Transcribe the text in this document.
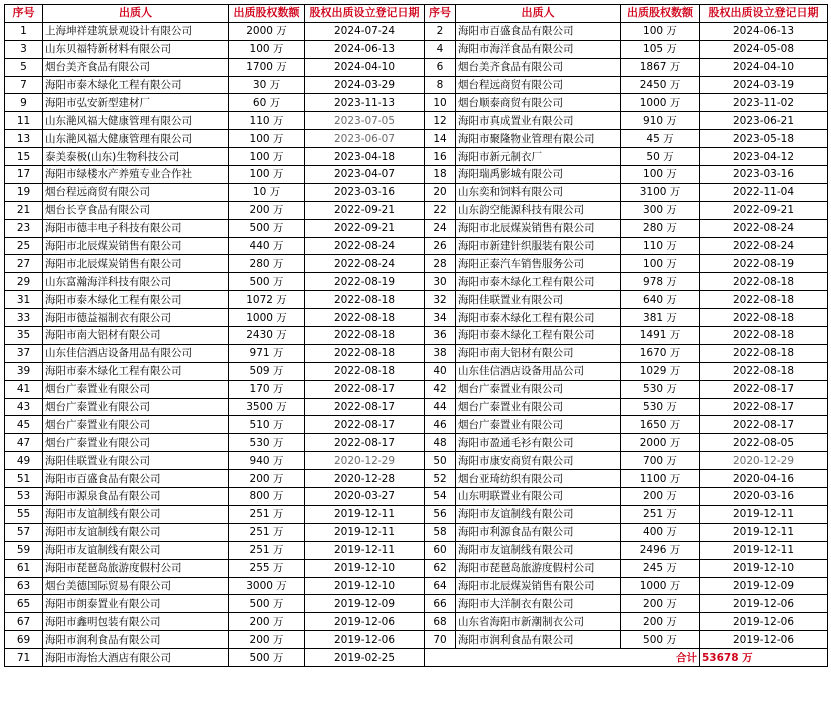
序号	出质人	出质股权数额	股权出质设立登记日期	序号	出质人	出质股权数额	股权出质设立登记日期
1	上海坤祥建筑景观设计有限公司	2000 万	2024-07-24	2	海阳市百盛食品有限公司	100 万	2024-06-13
3	山东贝福特新材料有限公司	100 万	2024-06-13	4	海阳市海洋食品有限公司	105 万	2024-05-08
5	烟台美齐食品有限公司	1700 万	2024-04-10	6	烟台美齐食品有限公司	1867 万	2024-04-10
7	海阳市泰木绿化工程有限公司	30 万	2024-03-29	8	烟台程远商贸有限公司	2450 万	2024-03-19
9	海阳市弘安新型建材厂	60 万	2023-11-13	10	烟台顺泰商贸有限公司	1000 万	2023-11-02
11	山东滟风福大健康管理有限公司	110 万	2023-07-05	12	海阳市真成置业有限公司	910 万	2023-06-21
13	山东滟风福大健康管理有限公司	100 万	2023-06-07	14	海阳市聚隆物业管理有限公司	45 万	2023-05-18
15	泰美泰极(山东)生物科技公司	100 万	2023-04-18	16	海阳市新元制衣厂	50 万	2023-04-12
17	海阳市绿楼水产养殖专业合作社	100 万	2023-04-07	18	海阳瑞禹影城有限公司	100 万	2023-03-16
19	烟台程远商贸有限公司	10 万	2023-03-16	20	山东奕和饲料有限公司	3100 万	2022-11-04
21	烟台长亨食品有限公司	200 万	2022-09-21	22	山东韵空能源科技有限公司	300 万	2022-09-21
23	海阳市德丰电子科技有限公司	500 万	2022-09-21	24	海阳市北辰煤炭销售有限公司	280 万	2022-08-24
25	海阳市北辰煤炭销售有限公司	440 万	2022-08-24	26	海阳市新建针织服装有限公司	110 万	2022-08-24
27	海阳市北辰煤炭销售有限公司	280 万	2022-08-24	28	海阳正泰汽车销售服务公司	100 万	2022-08-19
29	山东富瀚海洋科技有限公司	500 万	2022-08-19	30	海阳市泰木绿化工程有限公司	978 万	2022-08-18
31	海阳市泰木绿化工程有限公司	1072 万	2022-08-18	32	海阳佳联置业有限公司	640 万	2022-08-18
33	海阳市德益福制衣有限公司	1000 万	2022-08-18	34	海阳市泰木绿化工程有限公司	381 万	2022-08-18
35	海阳市南大铝材有限公司	2430 万	2022-08-18	36	海阳市泰木绿化工程有限公司	1491 万	2022-08-18
37	山东佳信酒店设备用品有限公司	971 万	2022-08-18	38	海阳市南大铝材有限公司	1670 万	2022-08-18
39	海阳市泰木绿化工程有限公司	509 万	2022-08-18	40	山东佳信酒店设备用品公司	1029 万	2022-08-18
41	烟台广泰置业有限公司	170 万	2022-08-17	42	烟台广泰置业有限公司	530 万	2022-08-17
43	烟台广泰置业有限公司	3500 万	2022-08-17	44	烟台广泰置业有限公司	530 万	2022-08-17
45	烟台广泰置业有限公司	510 万	2022-08-17	46	烟台广泰置业有限公司	1650 万	2022-08-17
47	烟台广泰置业有限公司	530 万	2022-08-17	48	海阳市盈通毛衫有限公司	2000 万	2022-08-05
49	海阳佳联置业有限公司	940 万	2020-12-29	50	海阳市康安商贸有限公司	700 万	2020-12-29
51	海阳市百盛食品有限公司	200 万	2020-12-28	52	烟台亚琦纺织有限公司	1100 万	2020-04-16
53	海阳市源泉食品有限公司	800 万	2020-03-27	54	山东明联置业有限公司	200 万	2020-03-16
55	海阳市友谊制线有限公司	251 万	2019-12-11	56	海阳市友谊制线有限公司	251 万	2019-12-11
57	海阳市友谊制线有限公司	251 万	2019-12-11	58	海阳市利源食品有限公司	400 万	2019-12-11
59	海阳市友谊制线有限公司	251 万	2019-12-11	60	海阳市友谊制线有限公司	2496 万	2019-12-11
61	海阳市琵琶岛旅游度假村公司	255 万	2019-12-10	62	海阳市琵琶岛旅游度假村公司	245 万	2019-12-10
63	烟台美德国际贸易有限公司	3000 万	2019-12-10	64	海阳市北辰煤炭销售有限公司	1000 万	2019-12-09
65	海阳市朗泰置业有限公司	500 万	2019-12-09	66	海阳市大洋制衣有限公司	200 万	2019-12-06
67	海阳市鑫明包装有限公司	200 万	2019-12-06	68	山东省海阳市新潮制衣公司	200 万	2019-12-06
69	海阳市润利食品有限公司	200 万	2019-12-06	70	海阳市润利食品有限公司	500 万	2019-12-06
71	海阳市海怡大酒店有限公司	500 万	2019-02-25	合计			53678 万
